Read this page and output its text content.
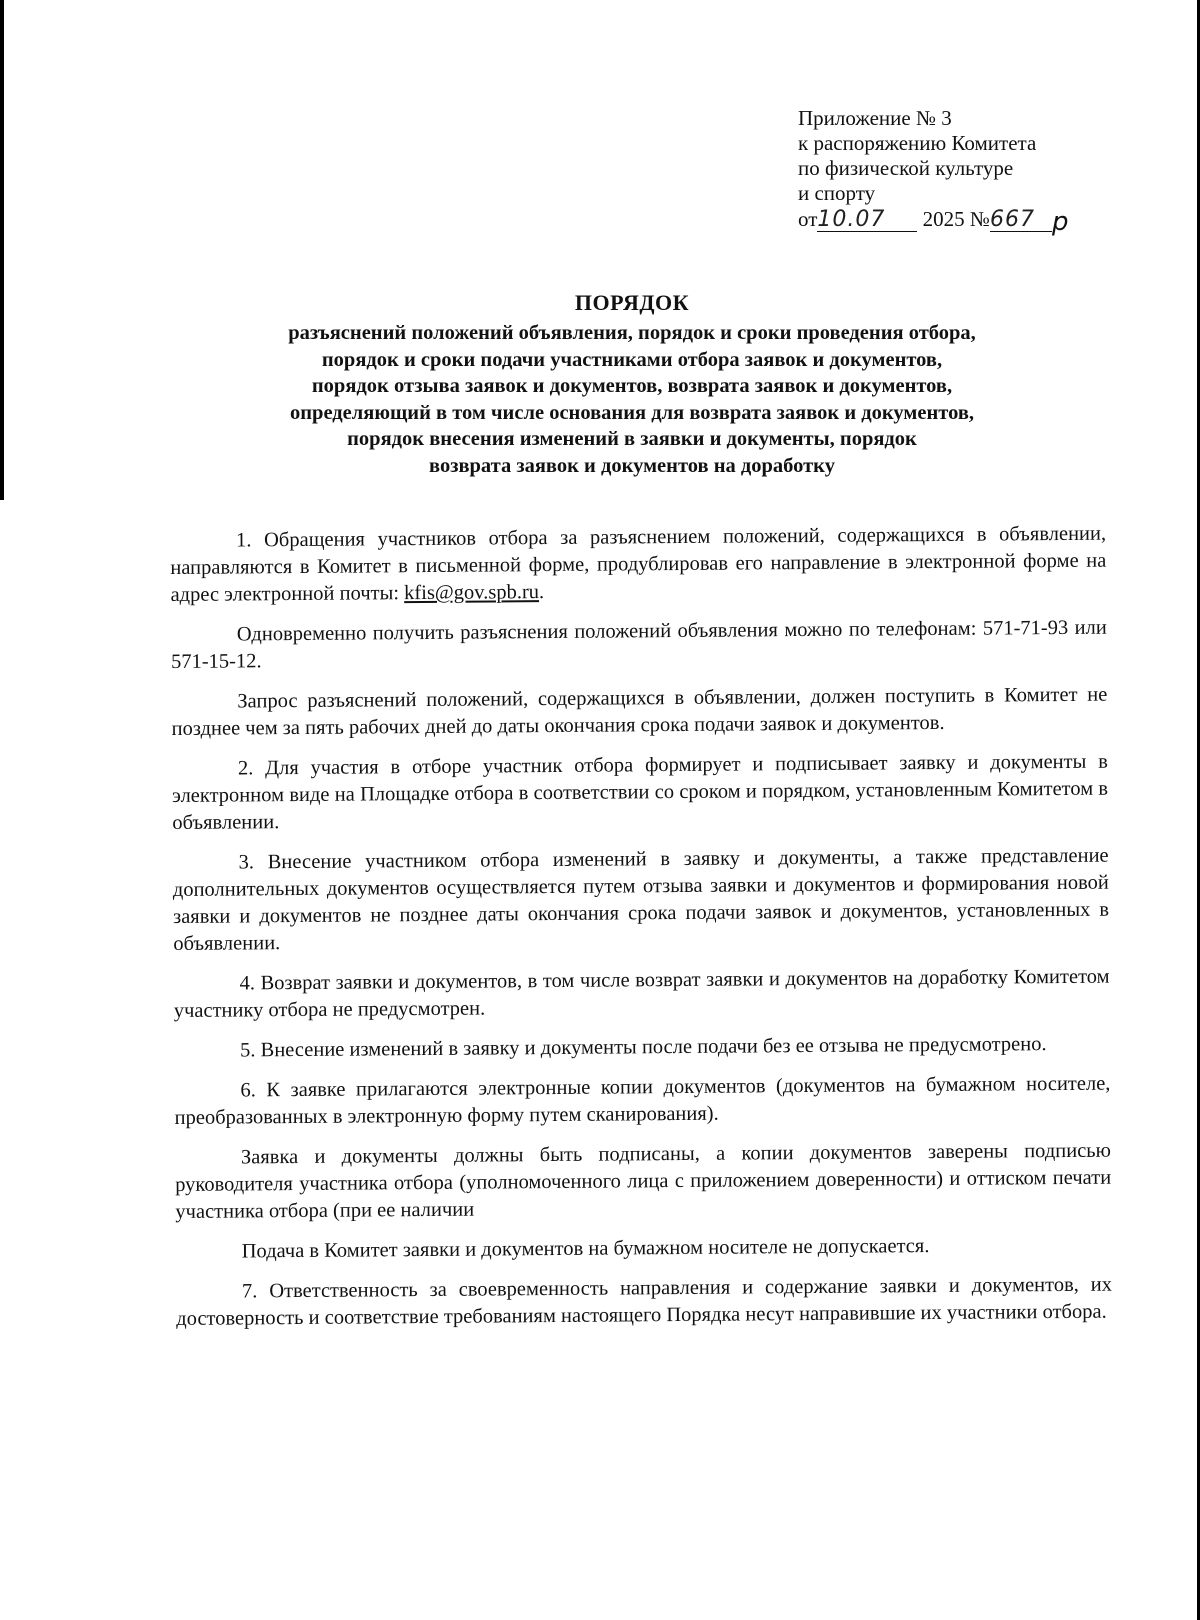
Приложение № 3
к распоряжению Комитета
по физической культуре
и спорту
от10.07 2025 №667 р
ПОРЯДОК
разъяснений положений объявления, порядок и сроки проведения отбора,
порядок и сроки подачи участниками отбора заявок и документов,
порядок отзыва заявок и документов, возврата заявок и документов,
определяющий в том числе основания для возврата заявок и документов,
порядок внесения изменений в заявки и документы, порядок
возврата заявок и документов на доработку

1. Обращения участников отбора за разъяснением положений, содержащихся в объявлении, направляются в Комитет в письменной форме, продублировав его направление в электронной форме на адрес электронной почты: kfis@gov.spb.ru.

Одновременно получить разъяснения положений объявления можно по телефонам: 571-71-93 или 571-15-12.

Запрос разъяснений положений, содержащихся в объявлении, должен поступить в Комитет не позднее чем за пять рабочих дней до даты окончания срока подачи заявок и документов.

2. Для участия в отборе участник отбора формирует и подписывает заявку и документы в электронном виде на Площадке отбора в соответствии со сроком и порядком, установленным Комитетом в объявлении.

3. Внесение участником отбора изменений в заявку и документы, а также представление дополнительных документов осуществляется путем отзыва заявки и документов и формирования новой заявки и документов не позднее даты окончания срока подачи заявок и документов, установленных в объявлении.

4. Возврат заявки и документов, в том числе возврат заявки и документов на доработку Комитетом участнику отбора не предусмотрен.

5. Внесение изменений в заявку и документы после подачи без ее отзыва не предусмотрено.

6. К заявке прилагаются электронные копии документов (документов на бумажном носителе, преобразованных в электронную форму путем сканирования).

Заявка и документы должны быть подписаны, а копии документов заверены подписью руководителя участника отбора (уполномоченного лица с приложением доверенности) и оттиском печати участника отбора (при ее наличии

Подача в Комитет заявки и документов на бумажном носителе не допускается.

7. Ответственность за своевременность направления и содержание заявки и документов, их достоверность и соответствие требованиям настоящего Порядка несут направившие их участники отбора.
